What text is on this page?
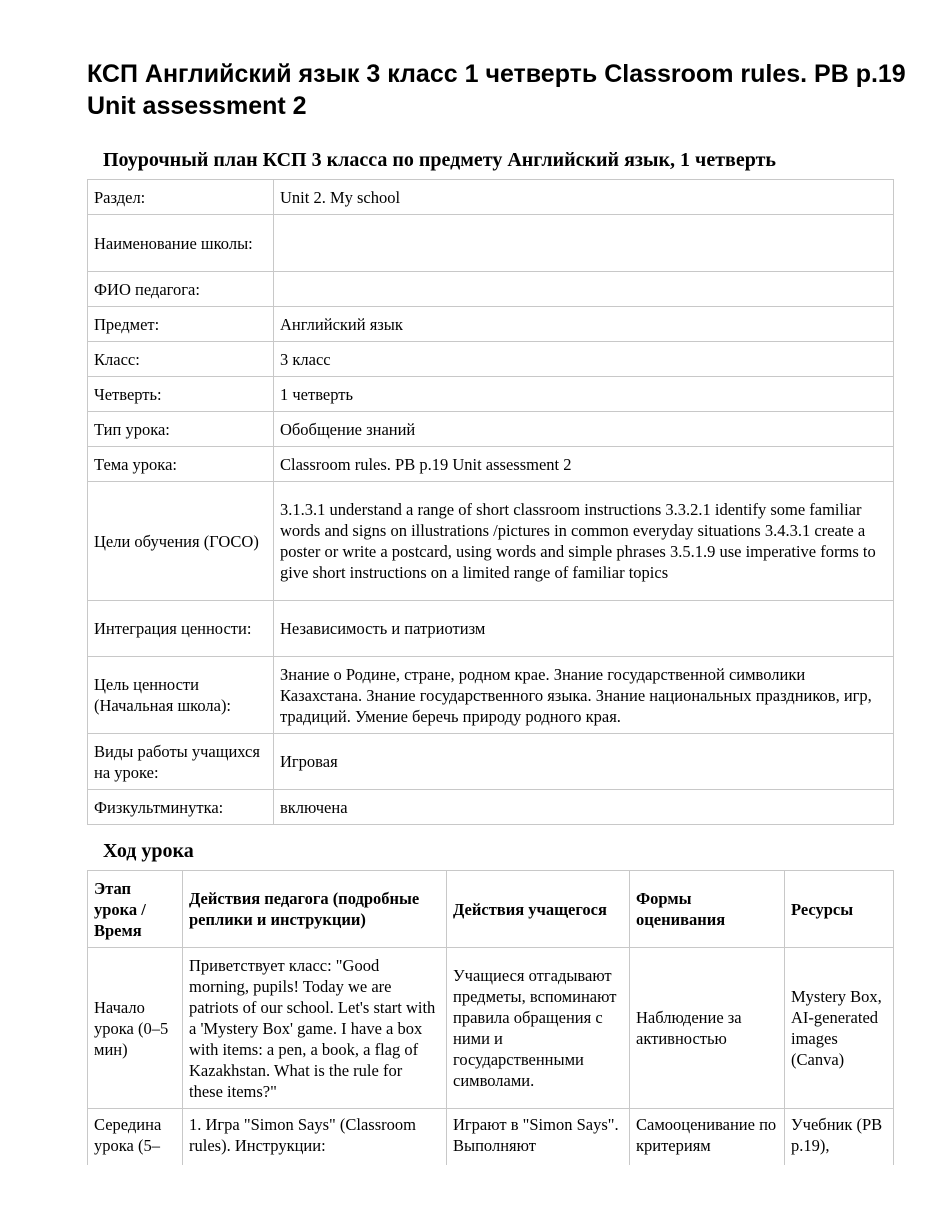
КСП Английский язык 3 класс 1 четверть Classroom rules. PB p.19 Unit assessment 2
Поурочный план КСП 3 класса по предмету Английский язык, 1 четверть
Раздел:	Unit 2. My school
Наименование школы:	
ФИО педагога:	
Предмет:	Английский язык
Класс:	3 класс
Четверть:	1 четверть
Тип урока:	Обобщение знаний
Тема урока:	Classroom rules. PB p.19 Unit assessment 2
Цели обучения (ГОСО)	3.1.3.1 understand a range of short classroom instructions 3.3.2.1 identify some familiar words and signs on illustrations /pictures in common everyday situations 3.4.3.1 create a poster or write a postcard, using words and simple phrases 3.5.1.9 use imperative forms to give short instructions on a limited range of familiar topics
Интеграция ценности:	Независимость и патриотизм
Цель ценности (Начальная школа):	Знание о Родине, стране, родном крае. Знание государственной символики Казахстана. Знание государственного языка. Знание национальных праздников, игр, традиций. Умение беречь природу родного края.
Виды работы учащихся на уроке:	Игровая
Физкультминутка:	включена
Ход урока
Этап урока / Время	Действия педагога (подробные реплики и инструкции)	Действия учащегося	Формы оценивания	Ресурсы
Начало урока (0–5 мин)	Приветствует класс: "Good morning, pupils! Today we are patriots of our school. Let's start with a 'Mystery Box' game. I have a box with items: a pen, a book, a flag of Kazakhstan. What is the rule for these items?"	Учащиеся отгадывают предметы, вспоминают правила обращения с ними и государственными символами.	Наблюдение за активностью	Mystery Box, AI-generated images (Canva)
Середина урока (5–	1. Игра "Simon Says" (Classroom rules). Инструкции:	Играют в "Simon Says". Выполняют	Самооценивание по критериям	Учебник (PB p.19),
